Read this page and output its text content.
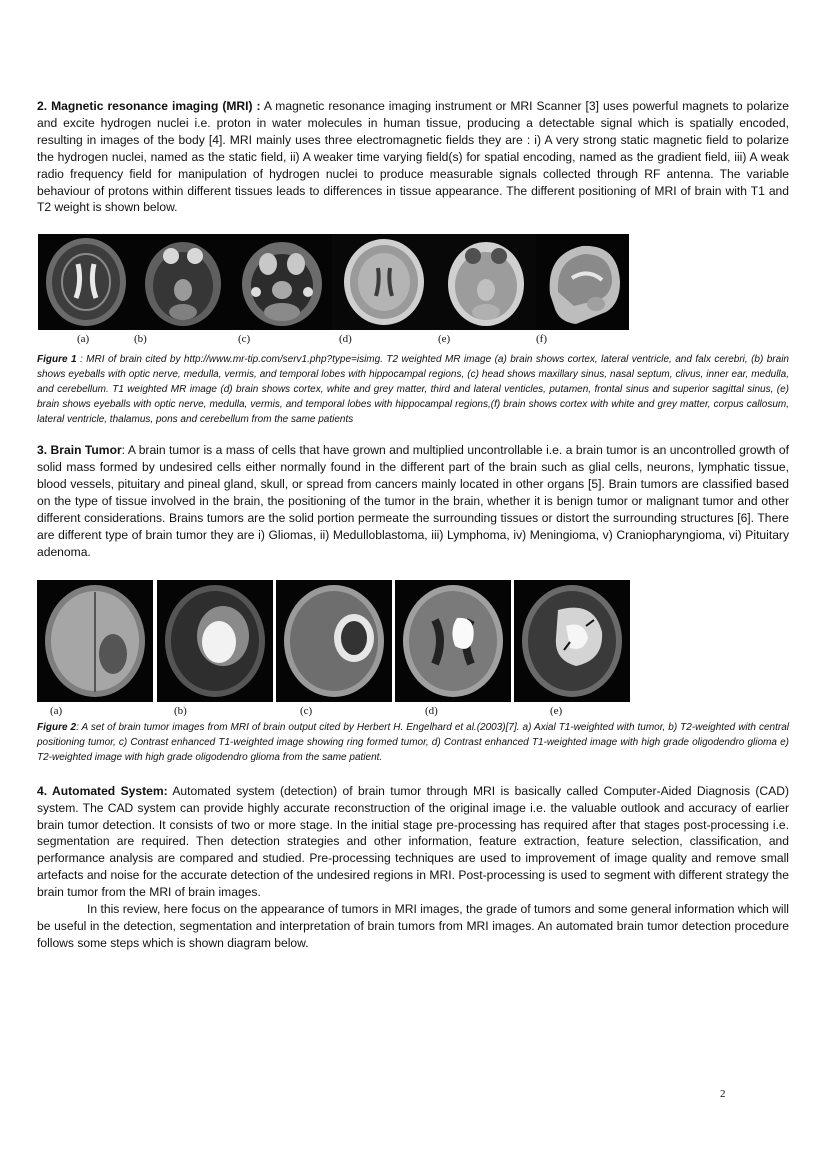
2. Magnetic resonance imaging (MRI) : A magnetic resonance imaging instrument or MRI Scanner [3] uses powerful magnets to polarize and excite hydrogen nuclei i.e. proton in water molecules in human tissue, producing a detectable signal which is spatially encoded, resulting in images of the body [4]. MRI mainly uses three electromagnetic fields they are : i) A very strong static magnetic field to polarize the hydrogen nuclei, named as the static field, ii) A weaker time varying field(s) for spatial encoding, named as the gradient field, iii) A weak radio frequency field for manipulation of hydrogen nuclei to produce measurable signals collected through RF antenna. The variable behaviour of protons within different tissues leads to differences in tissue appearance. The different positioning of MRI of brain with T1 and T2 weight is shown below.

(a)	(b)	(c)	(d)	(e)	(f)

Figure 1 : MRI of brain cited by http://www.mr-tip.com/serv1.php?type=isimg. T2 weighted MR image (a) brain shows cortex, lateral ventricle, and falx cerebri, (b) brain shows eyeballs with optic nerve, medulla, vermis, and temporal lobes with hippocampal regions, (c) head shows maxillary sinus, nasal septum, clivus, inner ear, medulla, and cerebellum. T1 weighted MR image (d) brain shows cortex, white and grey matter, third and lateral venticles, putamen, frontal sinus and superior sagittal sinus, (e) brain shows eyeballs with optic nerve, medulla, vermis, and temporal lobes with hippocampal regions,(f) brain shows cortex with white and grey matter, corpus callosum, lateral ventricle, thalamus, pons and cerebellum from the same patients

3. Brain Tumor: A brain tumor is a mass of cells that have grown and multiplied uncontrollable i.e. a brain tumor is an uncontrolled growth of solid mass formed by undesired cells either normally found in the different part of the brain such as glial cells, neurons, lymphatic tissue, blood vessels, pituitary and pineal gland, skull, or spread from cancers mainly located in other organs [5]. Brain tumors are classified based on the type of tissue involved in the brain, the positioning of the tumor in the brain, whether it is benign tumor or malignant tumor and other different considerations. Brains tumors are the solid portion permeate the surrounding tissues or distort the surrounding structures [6]. There are different type of brain tumor they are i) Gliomas, ii) Medulloblastoma, iii) Lymphoma, iv) Meningioma, v) Craniopharyngioma, vi) Pituitary adenoma.

(a)	(b)	(c)	(d)	(e)

Figure 2: A set of brain tumor images from MRI of brain output cited by Herbert H. Engelhard et al.(2003)[7]. a) Axial T1-weighted with tumor, b) T2-weighted with central positioning tumor, c) Contrast enhanced T1-weighted image showing ring formed tumor, d) Contrast enhanced T1-weighted image with high grade oligodendro glioma e) T2-weighted image with high grade oligodendro glioma from the same patient.

4. Automated System: Automated system (detection) of brain tumor through MRI is basically called Computer-Aided Diagnosis (CAD) system. The CAD system can provide highly accurate reconstruction of the original image i.e. the valuable outlook and accuracy of earlier brain tumor detection. It consists of two or more stage. In the initial stage pre-processing has required after that stages post-processing i.e. segmentation are required. Then detection strategies and other information, feature extraction, feature selection, classification, and performance analysis are compared and studied. Pre-processing techniques are used to improvement of image quality and remove small artefacts and noise for the accurate detection of the undesired regions in MRI. Post-processing is used to segment with different strategy the brain tumor from the MRI of brain images.

In this review, here focus on the appearance of tumors in MRI images, the grade of tumors and some general information which will be useful in the detection, segmentation and interpretation of brain tumors from MRI images. An automated brain tumor detection procedure follows some steps which is shown diagram below.

2
